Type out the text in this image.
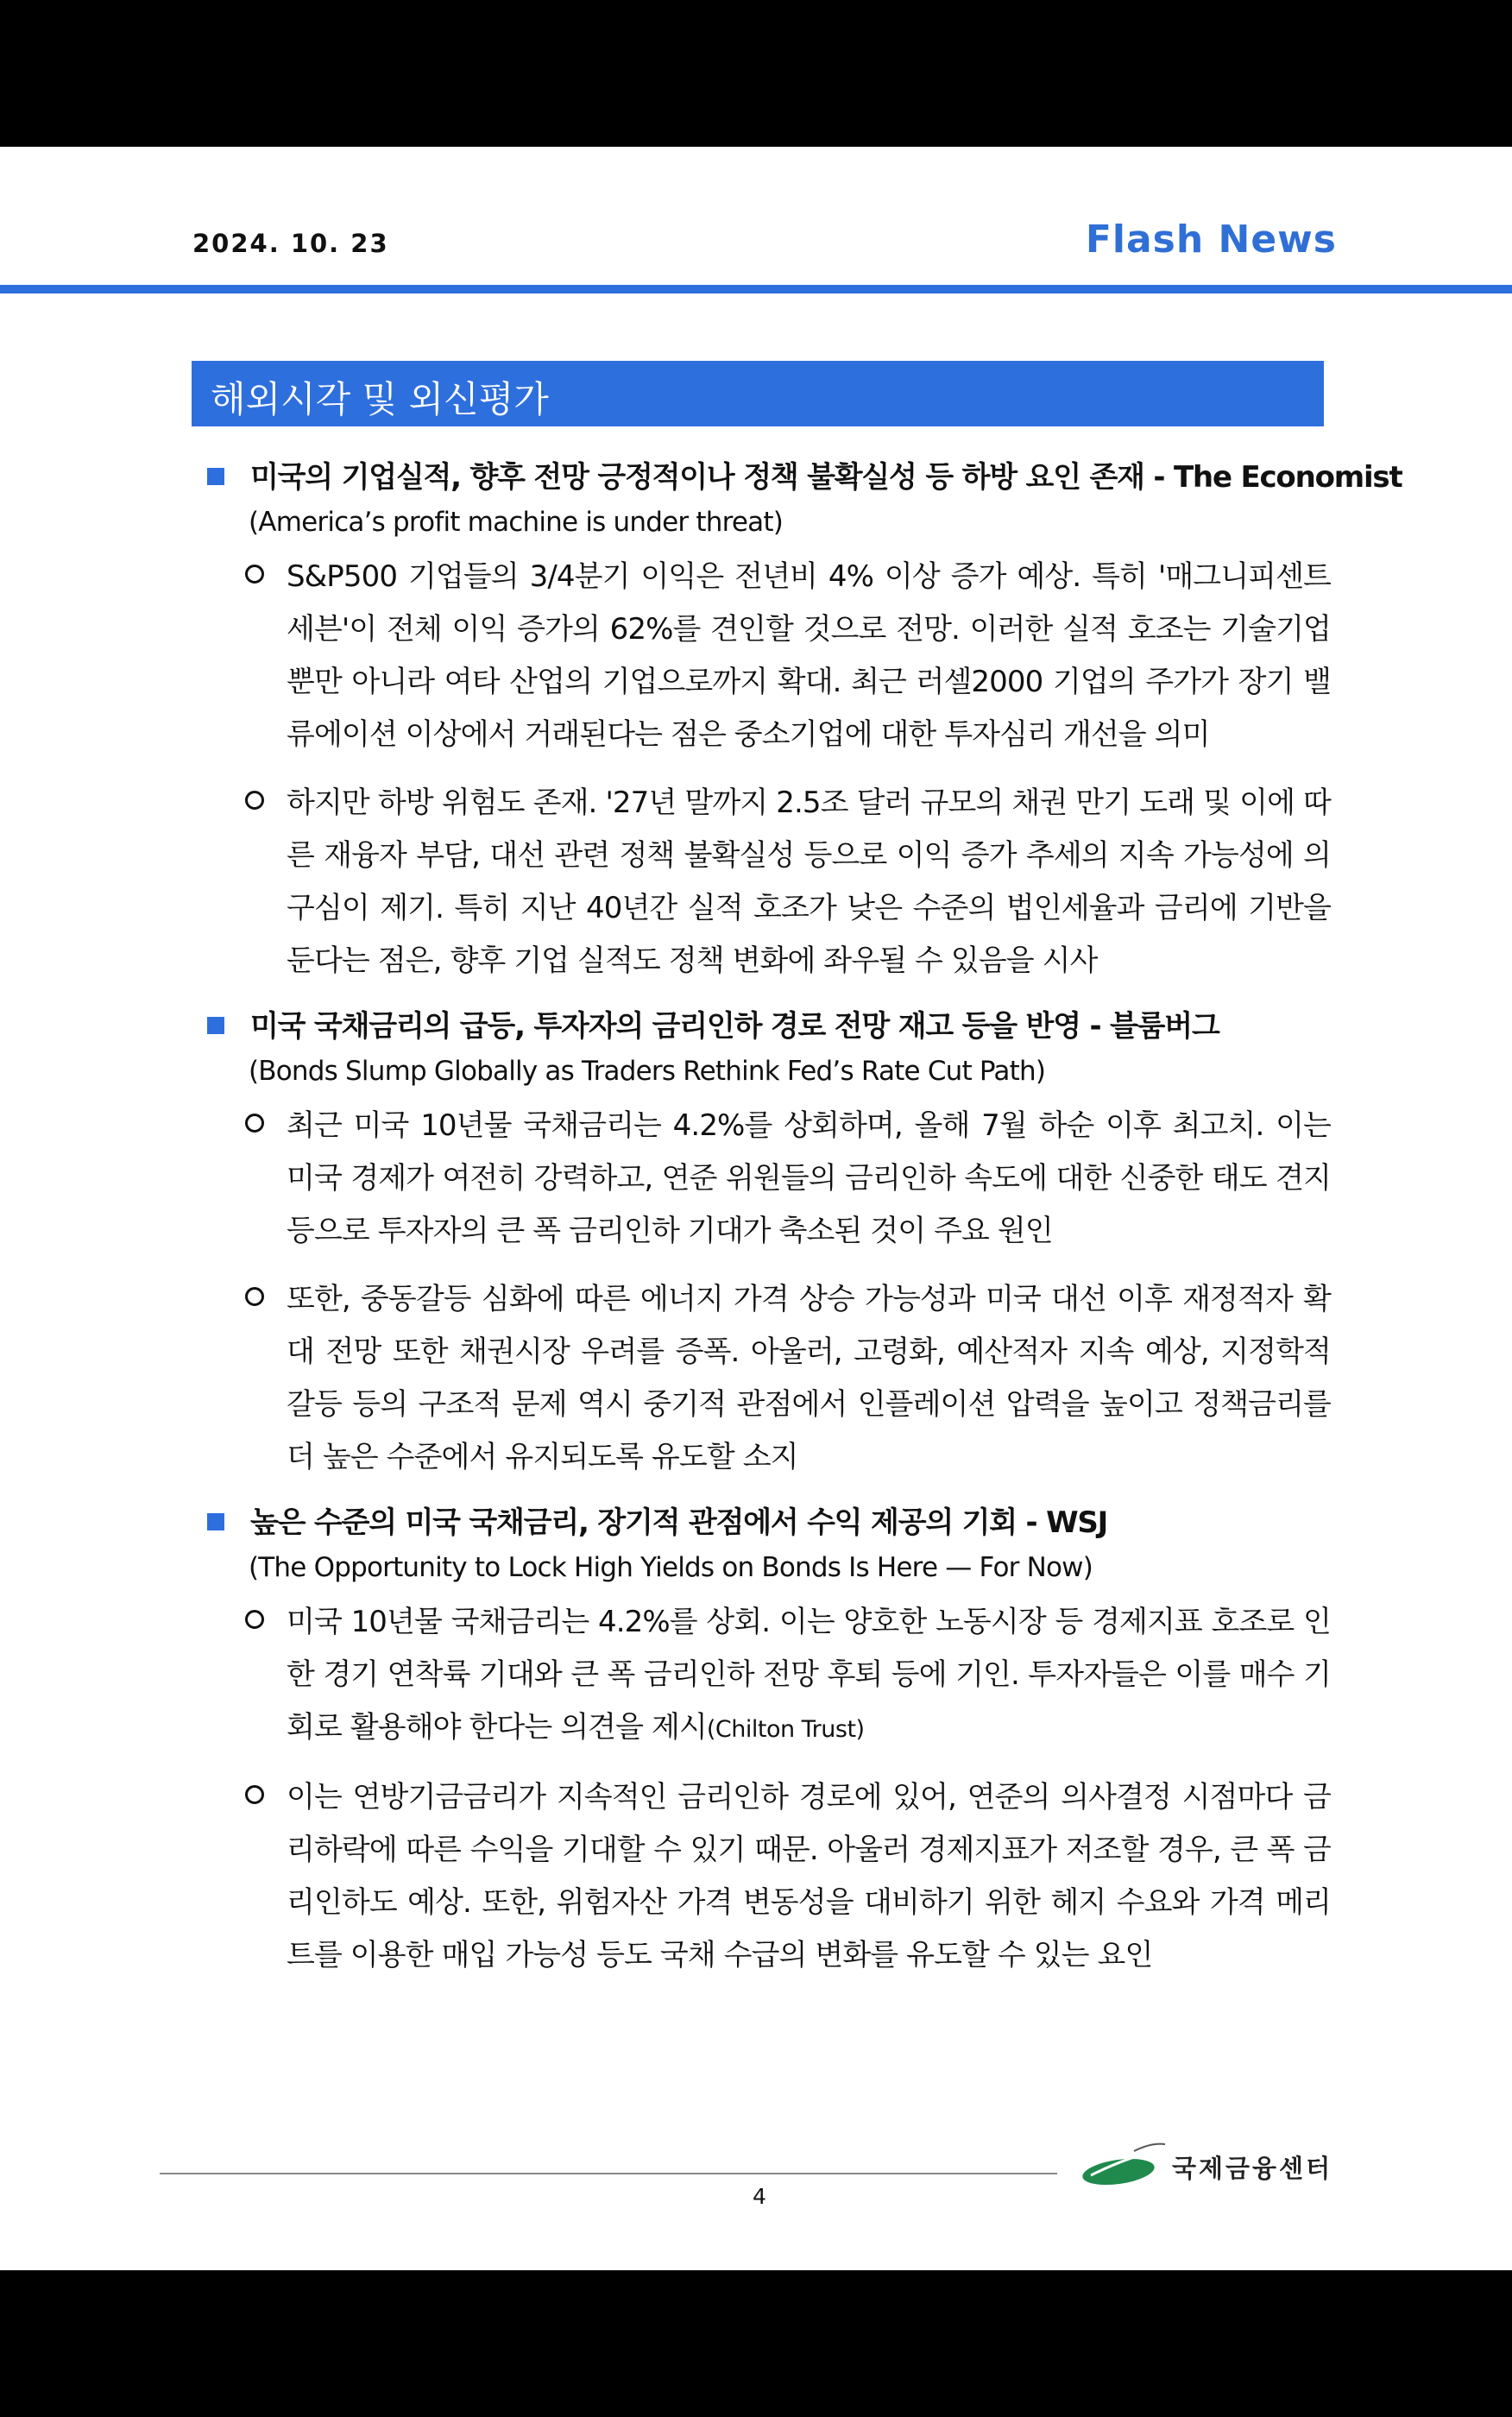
2024. 10. 23	Flash News
해외시각 및 외신평가
미국의 기업실적, 향후 전망 긍정적이나 정책 불확실성 등 하방 요인 존재 - The Economist
(America’s profit machine is under threat)
S&P500 기업들의 3/4분기 이익은 전년비 4% 이상 증가 예상. 특히 '매그니피센트 세븐'이 전체 이익 증가의 62%를 견인할 것으로 전망. 이러한 실적 호조는 기술기업 뿐만 아니라 여타 산업의 기업으로까지 확대. 최근 러셀2000 기업의 주가가 장기 밸류에이션 이상에서 거래된다는 점은 중소기업에 대한 투자심리 개선을 의미
하지만 하방 위험도 존재. '27년 말까지 2.5조 달러 규모의 채권 만기 도래 및 이에 따른 재융자 부담, 대선 관련 정책 불확실성 등으로 이익 증가 추세의 지속 가능성에 의구심이 제기. 특히 지난 40년간 실적 호조가 낮은 수준의 법인세율과 금리에 기반을 둔다는 점은, 향후 기업 실적도 정책 변화에 좌우될 수 있음을 시사
미국 국채금리의 급등, 투자자의 금리인하 경로 전망 재고 등을 반영 - 블룸버그
(Bonds Slump Globally as Traders Rethink Fed’s Rate Cut Path)
최근 미국 10년물 국채금리는 4.2%를 상회하며, 올해 7월 하순 이후 최고치. 이는 미국 경제가 여전히 강력하고, 연준 위원들의 금리인하 속도에 대한 신중한 태도 견지 등으로 투자자의 큰 폭 금리인하 기대가 축소된 것이 주요 원인
또한, 중동갈등 심화에 따른 에너지 가격 상승 가능성과 미국 대선 이후 재정적자 확대 전망 또한 채권시장 우려를 증폭. 아울러, 고령화, 예산적자 지속 예상, 지정학적 갈등 등의 구조적 문제 역시 중기적 관점에서 인플레이션 압력을 높이고 정책금리를 더 높은 수준에서 유지되도록 유도할 소지
높은 수준의 미국 국채금리, 장기적 관점에서 수익 제공의 기회 - WSJ
(The Opportunity to Lock High Yields on Bonds Is Here — For Now)
미국 10년물 국채금리는 4.2%를 상회. 이는 양호한 노동시장 등 경제지표 호조로 인한 경기 연착륙 기대와 큰 폭 금리인하 전망 후퇴 등에 기인. 투자자들은 이를 매수 기회로 활용해야 한다는 의견을 제시(Chilton Trust)
이는 연방기금금리가 지속적인 금리인하 경로에 있어, 연준의 의사결정 시점마다 금리하락에 따른 수익을 기대할 수 있기 때문. 아울러 경제지표가 저조할 경우, 큰 폭 금리인하도 예상. 또한, 위험자산 가격 변동성을 대비하기 위한 헤지 수요와 가격 메리트를 이용한 매입 가능성 등도 국채 수급의 변화를 유도할 수 있는 요인
4
국제금융센터
